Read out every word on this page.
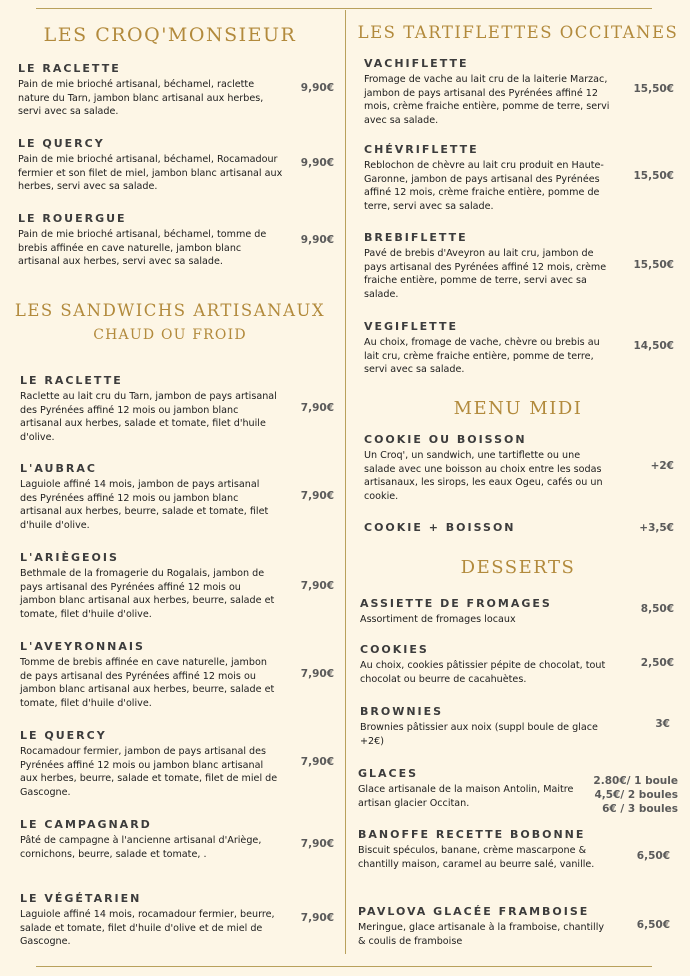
LES CROQ'MONSIEUR
LE RACLETTE
Pain de mie brioché artisanal, béchamel, raclette nature du Tarn, jambon blanc artisanal aux herbes, servi avec sa salade.
9,90€
LE QUERCY
Pain de mie brioché artisanal, béchamel, Rocamadour fermier et son filet de miel, jambon blanc artisanal aux herbes, servi avec sa salade.
9,90€
LE ROUERGUE
Pain de mie brioché artisanal, béchamel, tomme de brebis affinée en cave naturelle, jambon blanc artisanal aux herbes, servi avec sa salade.
9,90€
LES SANDWICHS ARTISANAUX
CHAUD OU FROID
LE RACLETTE
Raclette au lait cru du Tarn, jambon de pays artisanal des Pyrénées affiné 12 mois ou jambon blanc artisanal aux herbes, salade et tomate, filet d'huile d'olive.
7,90€
L'AUBRAC
Laguiole affiné 14 mois, jambon de pays artisanal des Pyrénées affiné 12 mois ou jambon blanc artisanal aux herbes, beurre, salade et tomate, filet d'huile d'olive.
7,90€
L'ARIÈGEOIS
Bethmale de la fromagerie du Rogalais, jambon de pays artisanal des Pyrénées affiné 12 mois ou jambon blanc artisanal aux herbes, beurre, salade et tomate, filet d'huile d'olive.
7,90€
L'AVEYRONNAIS
Tomme de brebis affinée en cave naturelle, jambon de pays artisanal des Pyrénées affiné 12 mois ou jambon blanc artisanal aux herbes, beurre, salade et tomate, filet d'huile d'olive.
7,90€
LE QUERCY
Rocamadour fermier, jambon de pays artisanal des Pyrénées affiné 12 mois ou jambon blanc artisanal aux herbes, beurre, salade et tomate, filet de miel de Gascogne.
7,90€
LE CAMPAGNARD
Pâté de campagne à l'ancienne artisanal d'Ariège, cornichons, beurre, salade et tomate, .
7,90€
LE VÉGÉTARIEN
Laguiole affiné 14 mois, rocamadour fermier, beurre, salade et tomate, filet d'huile d'olive et de miel de Gascogne.
7,90€
LES TARTIFLETTES OCCITANES
VACHIFLETTE
Fromage de vache au lait cru de la laiterie Marzac, jambon de pays artisanal des Pyrénées affiné 12 mois, crème fraiche entière, pomme de terre, servi avec sa salade.
15,50€
CHÉVRIFLETTE
Reblochon de chèvre au lait cru produit en Haute-Garonne, jambon de pays artisanal des Pyrénées affiné 12 mois, crème fraiche entière, pomme de terre, servi avec sa salade.
15,50€
BREBIFLETTE
Pavé de brebis d'Aveyron au lait cru, jambon de pays artisanal des Pyrénées affiné 12 mois, crème fraiche entière, pomme de terre, servi avec sa salade.
15,50€
VEGIFLETTE
Au choix, fromage de vache, chèvre ou brebis au lait cru, crème fraiche entière, pomme de terre, servi avec sa salade.
14,50€
MENU MIDI
COOKIE OU BOISSON
Un Croq', un sandwich, une tartiflette ou une salade avec une boisson au choix entre les sodas artisanaux, les sirops, les eaux Ogeu, cafés ou un cookie.
+2€
COOKIE + BOISSON	+3,5€
DESSERTS
ASSIETTE DE FROMAGES
Assortiment de fromages locaux
8,50€
COOKIES
Au choix, cookies pâtissier pépite de chocolat, tout chocolat ou beurre de cacahuètes.
2,50€
BROWNIES
Brownies pâtissier aux noix (suppl boule de glace +2€)
3€
GLACES
Glace artisanale de la maison Antolin, Maitre artisan glacier Occitan.
2.80€/ 1 boule
4,5€/ 2 boules
6€ / 3 boules
BANOFFE RECETTE BOBONNE
Biscuit spéculos, banane, crème mascarpone & chantilly maison, caramel au beurre salé, vanille.
6,50€
PAVLOVA GLACÉE FRAMBOISE
Meringue, glace artisanale à la framboise, chantilly & coulis de framboise
6,50€
